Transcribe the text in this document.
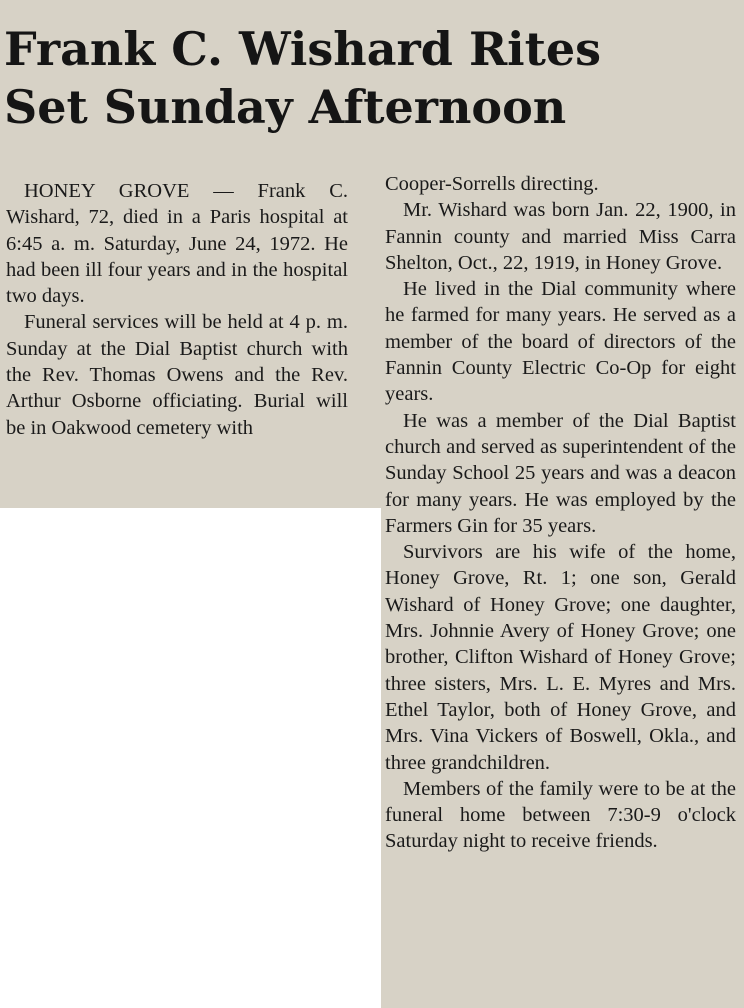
Frank C. Wishard Rites
Set Sunday Afternoon

HONEY GROVE — Frank C. Wishard, 72, died in a Paris hospital at 6:45 a. m. Saturday, June 24, 1972. He had been ill four years and in the hospital two days.

Funeral services will be held at 4 p. m. Sunday at the Dial Baptist church with the Rev. Thomas Owens and the Rev. Arthur Osborne officiating. Burial will be in Oakwood cemetery with

Cooper-Sorrells directing.

Mr. Wishard was born Jan. 22, 1900, in Fannin county and married Miss Carra Shelton, Oct., 22, 1919, in Honey Grove.

He lived in the Dial community where he farmed for many years. He served as a member of the board of directors of the Fannin County Electric Co-Op for eight years.

He was a member of the Dial Baptist church and served as superintendent of the Sunday School 25 years and was a deacon for many years. He was employed by the Farmers Gin for 35 years.

Survivors are his wife of the home, Honey Grove, Rt. 1; one son, Gerald Wishard of Honey Grove; one daughter, Mrs. Johnnie Avery of Honey Grove; one brother, Clifton Wishard of Honey Grove; three sisters, Mrs. L. E. Myres and Mrs. Ethel Taylor, both of Honey Grove, and Mrs. Vina Vickers of Boswell, Okla., and three grandchildren.

Members of the family were to be at the funeral home between 7:30-9 o'clock Saturday night to receive friends.
